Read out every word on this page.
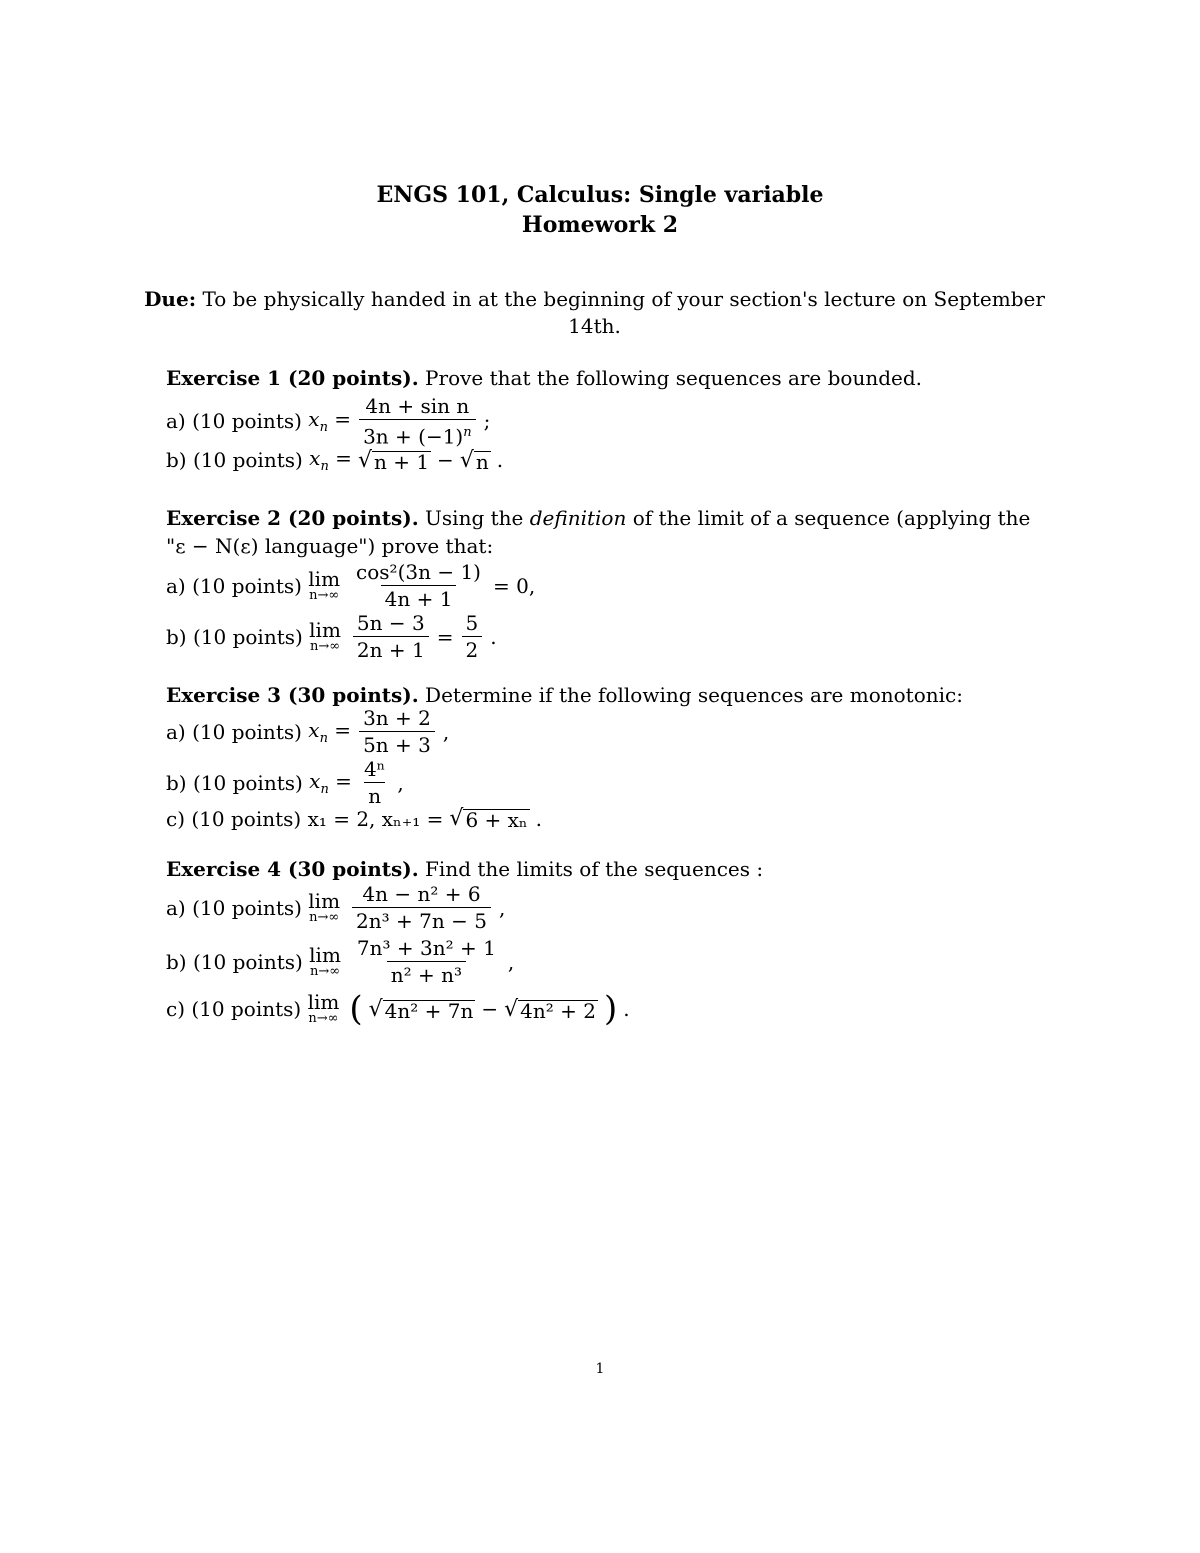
ENGS 101, Calculus: Single variable
Homework 2
Due: To be physically handed in at the beginning of your section's lecture on September 14th.
Exercise 1 (20 points). Prove that the following sequences are bounded.
a) (10 points) $x_n = \frac{\text{4n + sin n}}{3n + (-1)^n}$ ;
b) (10 points) $x_n$ = √ n + 1 − √ n .
Exercise 2 (20 points). Using the definition of the limit of a sequence (applying the
"ε − N(ε) language") prove that:
a) (10 points) lim
$n\to\infty \frac{\text{cos²(3n − 1)}}{4n + 1} = 0$,
b) (10 points) lim
$n\to\infty \frac{5n - 3}{2n + 1} = \frac{5}{2}$ .
Exercise 3 (30 points). Determine if the following sequences are monotonic:
a) (10 points) $x_n = \frac{3n + 2}{5n + 3}$ ,
b) (10 points) $x_n = \frac{\text{4ⁿ}}{n}$ ,
c) (10 points) x₁ = 2, xₙ₊₁ = √ 6 + xₙ .
Exercise 4 (30 points). Find the limits of the sequences :
a) (10 points) lim
$n\to\infty \frac{\text{4n − n² + 6}}{\text{2n³ + 7n − 5}}$ ,
b) (10 points) lim
$n\to\infty \frac{\text{7n³ + 3n² + 1}}{\text{n² + n³}}$ ,
c) (10 points) lim
n→∞ ( √ 4n² + 7n − √ 4n² + 2 ) .
1
